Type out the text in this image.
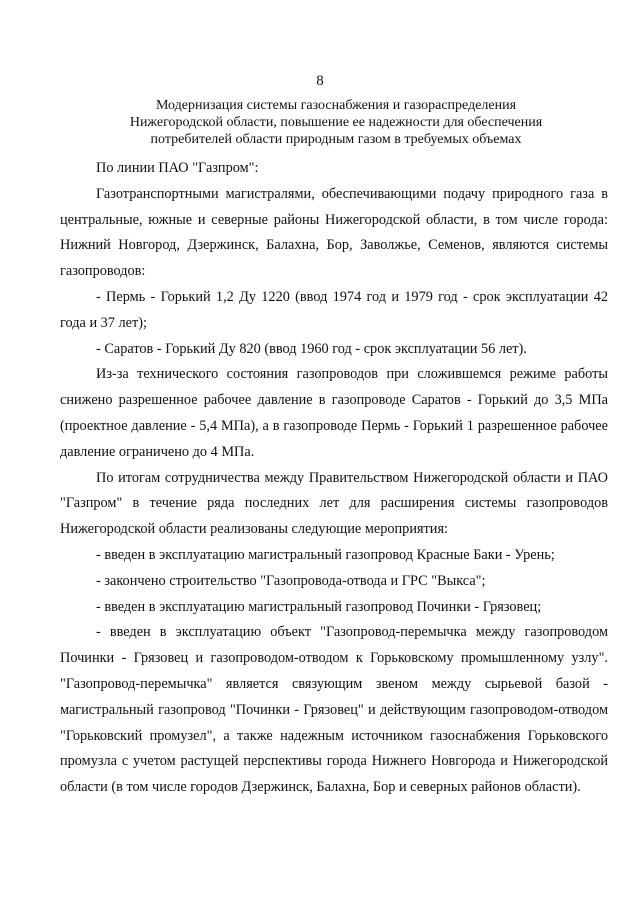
8
Модернизация системы газоснабжения и газораспределения
Нижегородской области, повышение ее надежности для обеспечения
потребителей области природным газом в требуемых объемах

По линии ПАО "Газпром":

Газотранспортными магистралями, обеспечивающими подачу природного газа в центральные, южные и северные районы Нижегородской области, в том числе города: Нижний Новгород, Дзержинск, Балахна, Бор, Заволжье, Семенов, являются системы газопроводов:

- Пермь - Горький 1,2 Ду 1220 (ввод 1974 год и 1979 год - срок эксплуатации 42 года и 37 лет);

- Саратов - Горький Ду 820 (ввод 1960 год - срок эксплуатации 56 лет).

Из-за технического состояния газопроводов при сложившемся режиме работы снижено разрешенное рабочее давление в газопроводе Саратов - Горький до 3,5 МПа (проектное давление - 5,4 МПа), а в газопроводе Пермь - Горький 1 разрешенное рабочее давление ограничено до 4 МПа.

По итогам сотрудничества между Правительством Нижегородской области и ПАО "Газпром" в течение ряда последних лет для расширения системы газопроводов Нижегородской области реализованы следующие мероприятия:

- введен в эксплуатацию магистральный газопровод Красные Баки - Урень;

- закончено строительство "Газопровода-отвода и ГРС "Выкса";

- введен в эксплуатацию магистральный газопровод Починки - Грязовец;

- введен в эксплуатацию объект "Газопровод-перемычка между газопроводом Починки - Грязовец и газопроводом-отводом к Горьковскому промышленному узлу". "Газопровод-перемычка" является связующим звеном между сырьевой базой - магистральный газопровод "Починки - Грязовец" и действующим газопроводом-отводом "Горьковский промузел", а также надежным источником газоснабжения Горьковского промузла с учетом растущей перспективы города Нижнего Новгорода и Нижегородской области (в том числе городов Дзержинск, Балахна, Бор и северных районов области).
